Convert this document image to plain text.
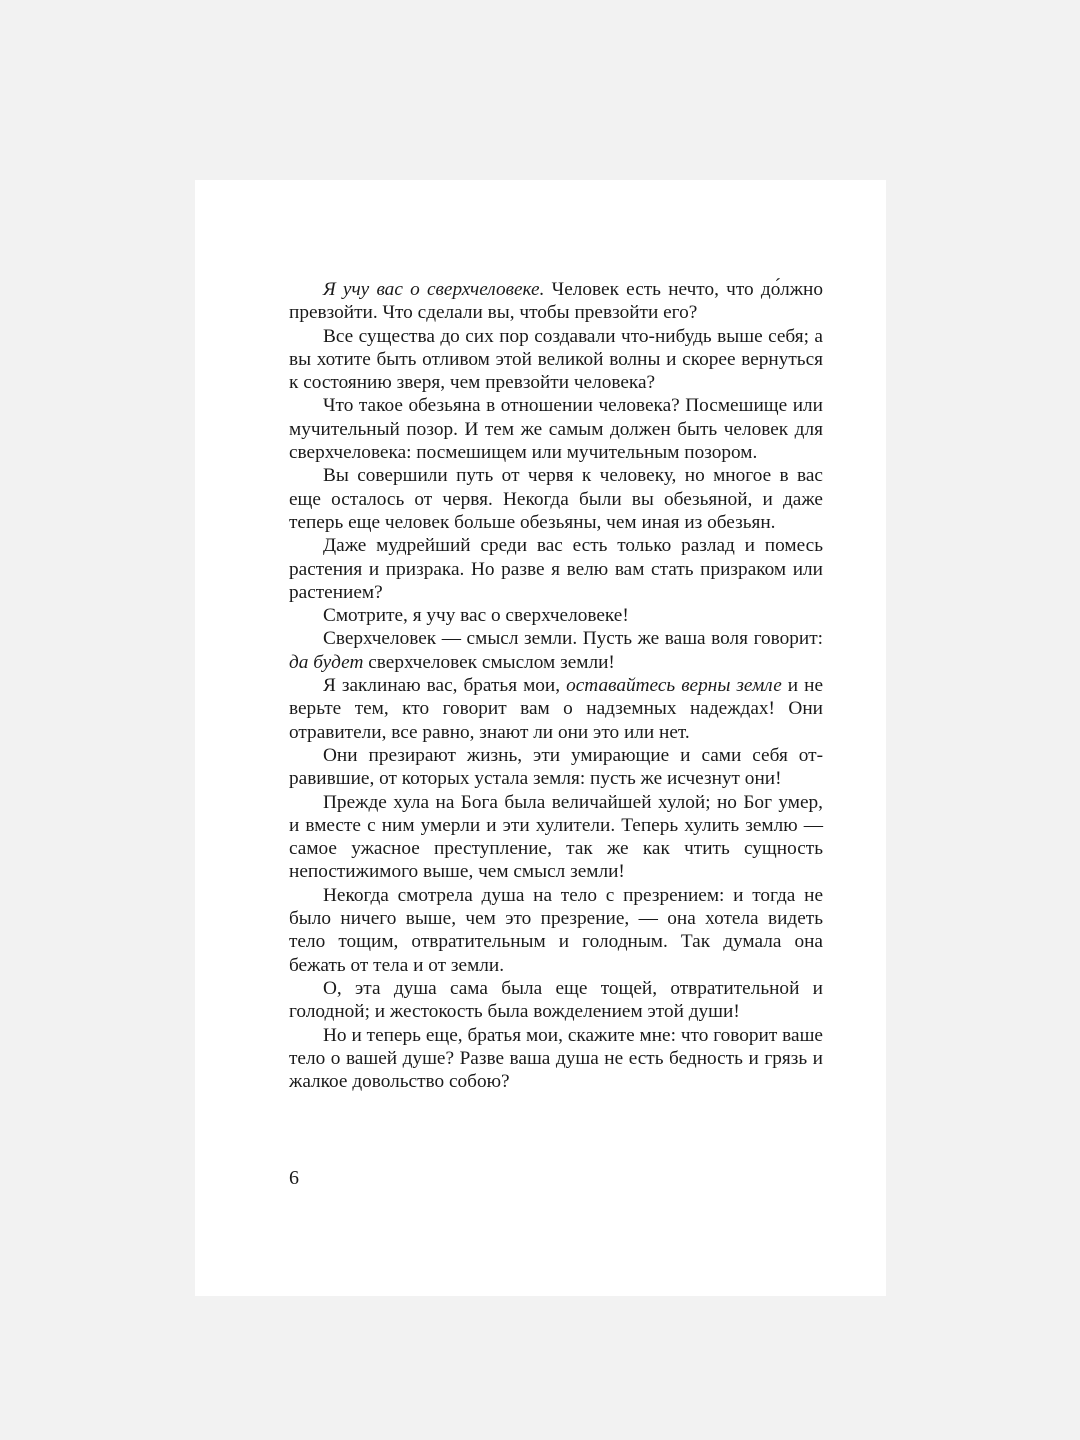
Я учу вас о сверхчеловеке. Человек есть нечто, что до́лжно превзойти. Что сделали вы, чтобы превзойти его?

Все существа до сих пор создавали что-нибудь выше себя; а вы хотите быть отливом этой великой волны и скорее вернуться к состоянию зверя, чем превзойти человека?

Что такое обезьяна в отношении человека? Посмешище или мучительный позор. И тем же самым должен быть человек для сверхчеловека: посмешищем или мучительным позором.

Вы совершили путь от червя к человеку, но многое в вас еще осталось от червя. Некогда были вы обезьяной, и даже теперь еще человек больше обезьяны, чем иная из обезьян.

Даже мудрейший среди вас есть только разлад и помесь растения и призрака. Но разве я велю вам стать призраком или растением?

Смотрите, я учу вас о сверхчеловеке!

Сверхчеловек — смысл земли. Пусть же ваша воля говорит: да будет сверхчеловек смыслом земли!

Я заклинаю вас, братья мои, оставайтесь верны земле и не верьте тем, кто говорит вам о надземных надеждах! Они отравители, все равно, знают ли они это или нет.

Они презирают жизнь, эти умирающие и сами себя отравившие, от которых устала земля: пусть же исчезнут они!

Прежде хула на Бога была величайшей хулой; но Бог умер, и вместе с ним умерли и эти хулители. Теперь хулить землю — самое ужасное преступление, так же как чтить сущность непостижимого выше, чем смысл земли!

Некогда смотрела душа на тело с презрением: и тогда не было ничего выше, чем это презрение, — она хотела видеть тело тощим, отвратительным и голодным. Так думала она бежать от тела и от земли.

О, эта душа сама была еще тощей, отвратительной и голодной; и жестокость была вожделением этой души!

Но и теперь еще, братья мои, скажите мне: что говорит ваше тело о вашей душе? Разве ваша душа не есть бедность и грязь и жалкое довольство собою?

6
